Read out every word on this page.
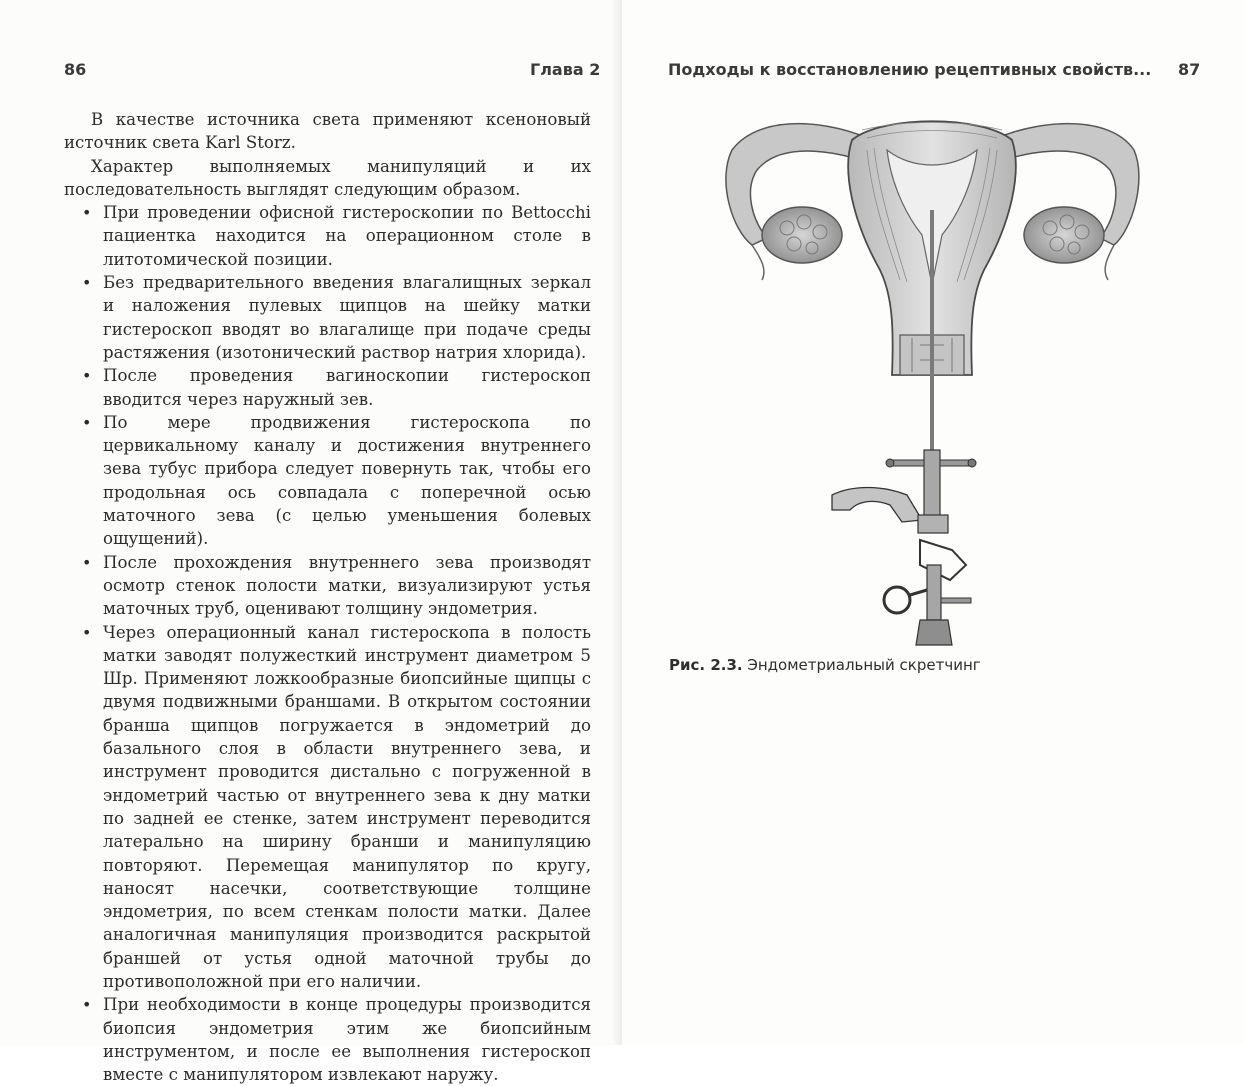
86	Глава 2

В качестве источника света применяют ксеноновый источник света Karl Storz.

Характер выполняемых манипуляций и их последовательность выглядят следующим образом.

• При проведении офисной гистероскопии по Bettocchi пациентка находится на операционном столе в литотомической позиции.
• Без предварительного введения влагалищных зеркал и наложения пулевых щипцов на шейку матки гистероскоп вводят во влагалище при подаче среды растяжения (изотонический раствор натрия хлорида).
• После проведения вагиноскопии гистероскоп вводится через наружный зев.
• По мере продвижения гистероскопа по цервикальному каналу и достижения внутреннего зева тубус прибора следует повернуть так, чтобы его продольная ось совпадала с поперечной осью маточного зева (с целью уменьшения болевых ощущений).
• После прохождения внутреннего зева производят осмотр стенок полости матки, визуализируют устья маточных труб, оценивают толщину эндометрия.
• Через операционный канал гистероскопа в полость матки заводят полужесткий инструмент диаметром 5 Шр. Применяют ложкообразные биопсийные щипцы с двумя подвижными браншами. В открытом состоянии бранша щипцов погружается в эндометрий до базального слоя в области внутреннего зева, и инструмент проводится дистально с погруженной в эндометрий частью от внутреннего зева к дну матки по задней ее стенке, затем инструмент переводится латерально на ширину бранши и манипуляцию повторяют. Перемещая манипулятор по кругу, наносят насечки, соответствующие толщине эндометрия, по всем стенкам полости матки. Далее аналогичная манипуляция производится раскрытой браншей от устья одной маточной трубы до противоположной при его наличии.
• При необходимости в конце процедуры производится биопсия эндометрия этим же биопсийным инструментом, и после ее выполнения гистероскоп вместе с манипулятором извлекают наружу.
Подходы к восстановлению рецептивных свойств... 87
Рис. 2.3. Эндометриальный скретчинг
